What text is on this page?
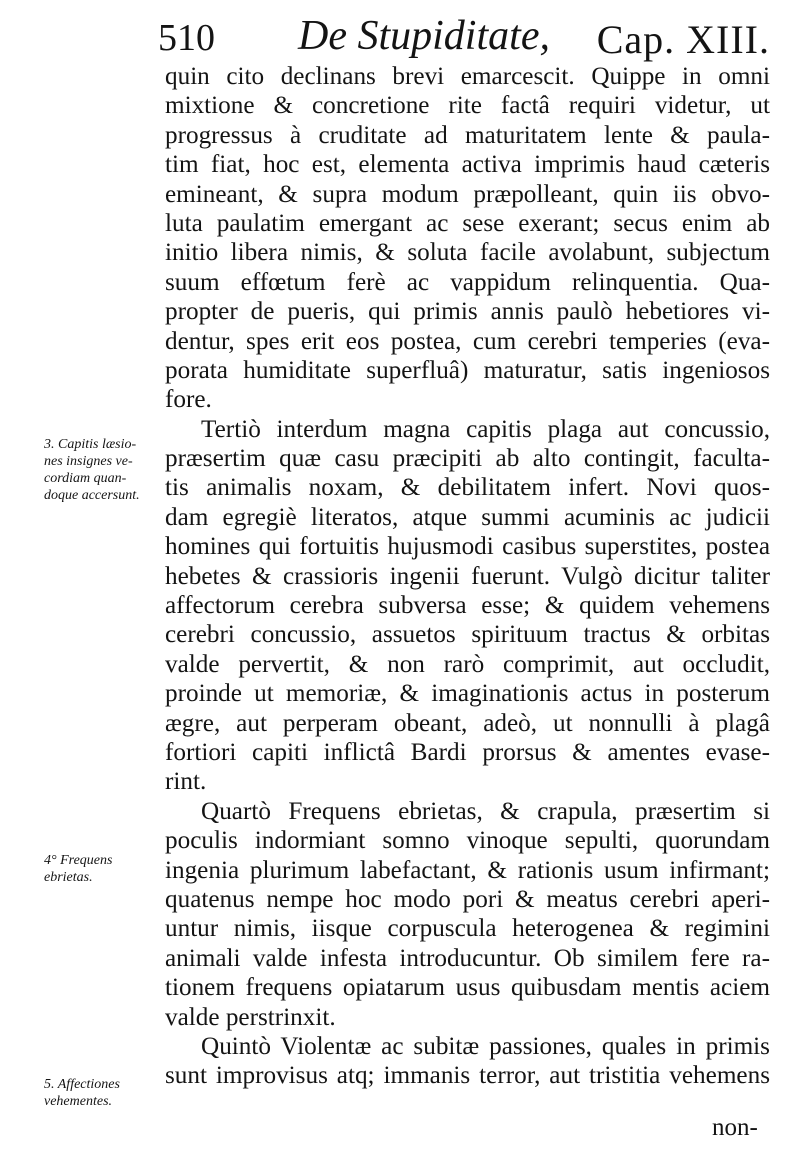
510 De Stupiditate, Cap. XIII.
quin cito declinans brevi emarcescit. Quippe in omni
mixtione & concretione rite factâ requiri videtur, ut
progressus à cruditate ad maturitatem lente & paula-
tim fiat, hoc est, elementa activa imprimis haud cæteris
emineant, & supra modum præpolleant, quin iis obvo-
luta paulatim emergant ac sese exerant; secus enim ab
initio libera nimis, & soluta facile avolabunt, subjectum
suum effœtum ferè ac vappidum relinquentia. Qua-
propter de pueris, qui primis annis paulò hebetiores vi-
dentur, spes erit eos postea, cum cerebri temperies (eva-
porata humiditate superfluâ) maturatur, satis ingeniosos
fore.
Tertiò interdum magna capitis plaga aut concussio,
præsertim quæ casu præcipiti ab alto contingit, faculta-
tis animalis noxam, & debilitatem infert. Novi quos-
dam egregiè literatos, atque summi acuminis ac judicii
homines qui fortuitis hujusmodi casibus superstites, postea
hebetes & crassioris ingenii fuerunt. Vulgò dicitur taliter
affectorum cerebra subversa esse; & quidem vehemens
cerebri concussio, assuetos spirituum tractus & orbitas
valde pervertit, & non rarò comprimit, aut occludit,
proinde ut memoriæ, & imaginationis actus in posterum
ægre, aut perperam obeant, adeò, ut nonnulli à plagâ
fortiori capiti inflictâ Bardi prorsus & amentes evase-
rint.
Quartò Frequens ebrietas, & crapula, præsertim si
poculis indormiant somno vinoque sepulti, quorundam
ingenia plurimum labefactant, & rationis usum infirmant;
quatenus nempe hoc modo pori & meatus cerebri aperi-
untur nimis, iisque corpuscula heterogenea & regimini
animali valde infesta introducuntur. Ob similem fere ra-
tionem frequens opiatarum usus quibusdam mentis aciem
valde perstrinxit.
Quintò Violentæ ac subitæ passiones, quales in primis
sunt improvisus atq; immanis terror, aut tristitia vehemens
3. Capitis læsio-
nes insignes ve-
cordiam quan-
doque accersunt.
4° Frequens
ebrietas.
5. Affectiones
vehementes.
non-
